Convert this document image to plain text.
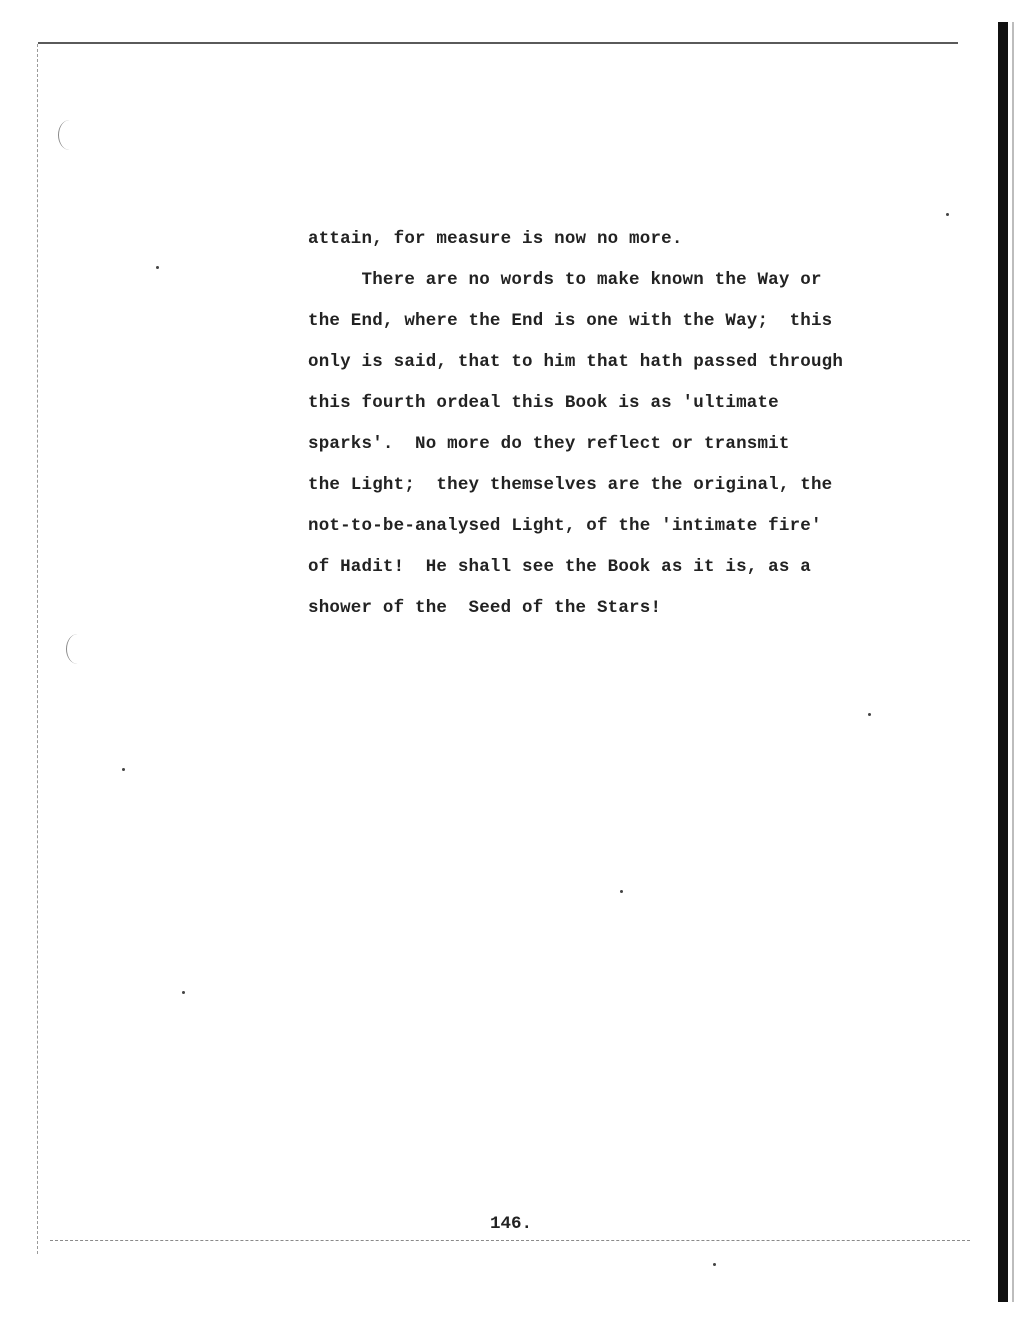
attain, for measure is now no more.
There are no words to make known the Way or
the End, where the End is one with the Way;  this
only is said, that to him that hath passed through
this fourth ordeal this Book is as 'ultimate
sparks'.  No more do they reflect or transmit
the Light;  they themselves are the original, the
not-to-be-analysed Light, of the 'intimate fire'
of Hadit!  He shall see the Book as it is, as a
shower of the  Seed of the Stars!
146.
